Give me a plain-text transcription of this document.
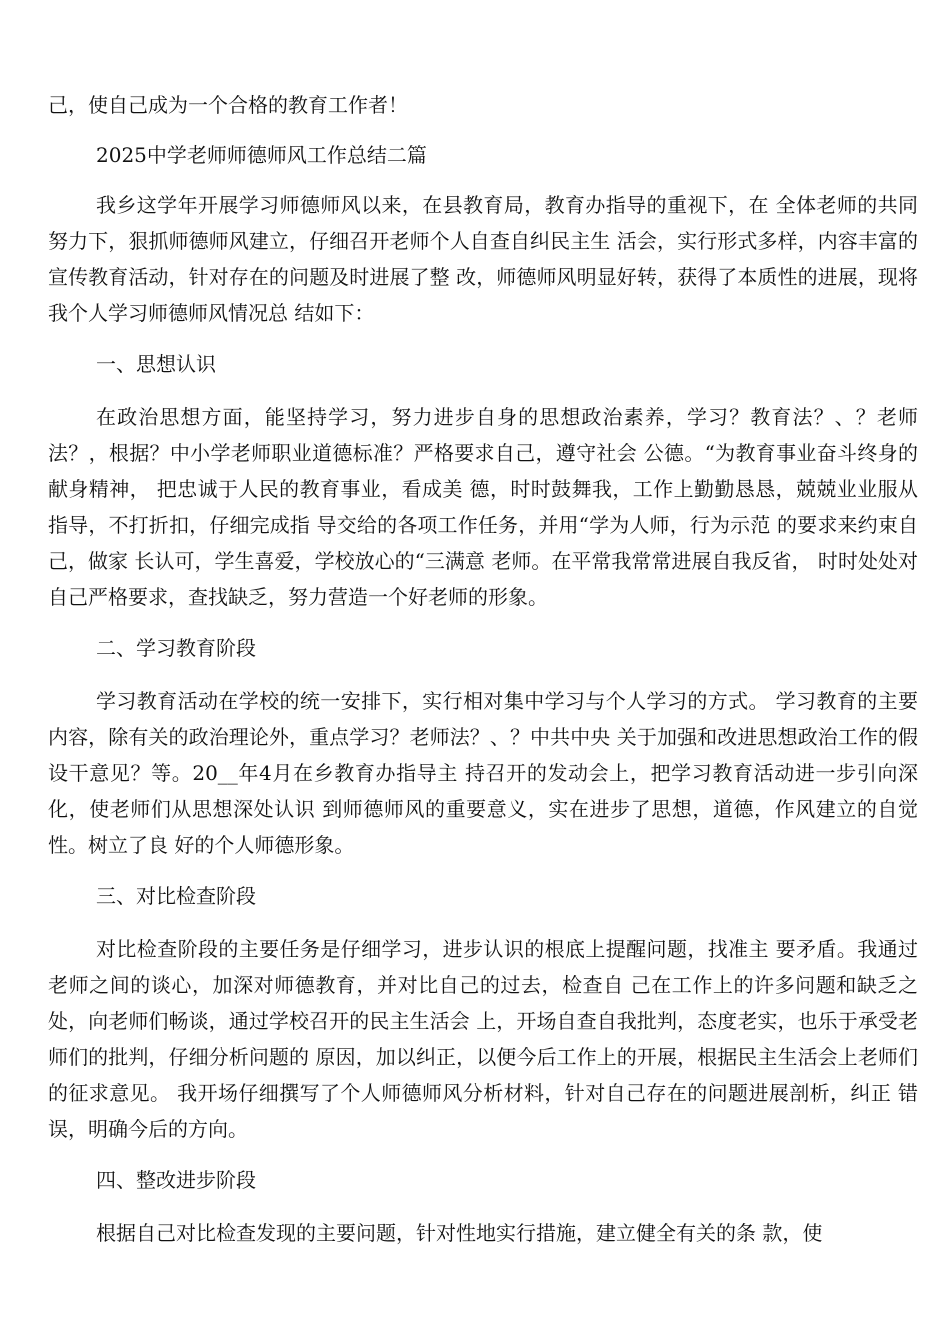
己，使自己成为一个合格的教育工作者！

2025中学老师师德师风工作总结二篇

我乡这学年开展学习师德师风以来，在县教育局，教育办指导的重视下，在 全体老师的共同努力下，狠抓师德师风建立，仔细召开老师个人自查自纠民主生 活会，实行形式多样，内容丰富的宣传教育活动，针对存在的问题及时进展了整 改，师德师风明显好转，获得了本质性的进展，现将我个人学习师德师风情况总 结如下：

一、思想认识

在政治思想方面，能坚持学习，努力进步自身的思想政治素养，学习？教育法？、？老师法？，根据？中小学老师职业道德标准？严格要求自己，遵守社会 公德。“为教育事业奋斗终身的献身精神， 把忠诚于人民的教育事业，看成美 德，时时鼓舞我，工作上勤勤恳恳，兢兢业业服从指导，不打折扣，仔细完成指 导交给的各项工作任务，并用“学为人师，行为示范 的要求来约束自己，做家 长认可，学生喜爱，学校放心的“三满意 老师。在平常我常常进展自我反省， 时时处处对自己严格要求，查找缺乏，努力营造一个好老师的形象。

二、学习教育阶段

学习教育活动在学校的统一安排下，实行相对集中学习与个人学习的方式。 学习教育的主要内容，除有关的政治理论外，重点学习？老师法？、？中共中央 关于加强和改进思想政治工作的假设干意见？等。20__年4月在乡教育办指导主 持召开的发动会上，把学习教育活动进一步引向深化，使老师们从思想深处认识 到师德师风的重要意义，实在进步了思想，道德，作风建立的自觉性。树立了良 好的个人师德形象。

三、对比检查阶段

对比检查阶段的主要任务是仔细学习，进步认识的根底上提醒问题，找准主 要矛盾。我通过老师之间的谈心，加深对师德教育，并对比自己的过去，检查自 己在工作上的许多问题和缺乏之处，向老师们畅谈，通过学校召开的民主生活会 上，开场自查自我批判，态度老实，也乐于承受老师们的批判，仔细分析问题的 原因，加以纠正，以便今后工作上的开展，根据民主生活会上老师们的征求意见。 我开场仔细撰写了个人师德师风分析材料，针对自己存在的问题进展剖析，纠正 错误，明确今后的方向。

四、整改进步阶段

根据自己对比检查发现的主要问题，针对性地实行措施，建立健全有关的条 款，使
